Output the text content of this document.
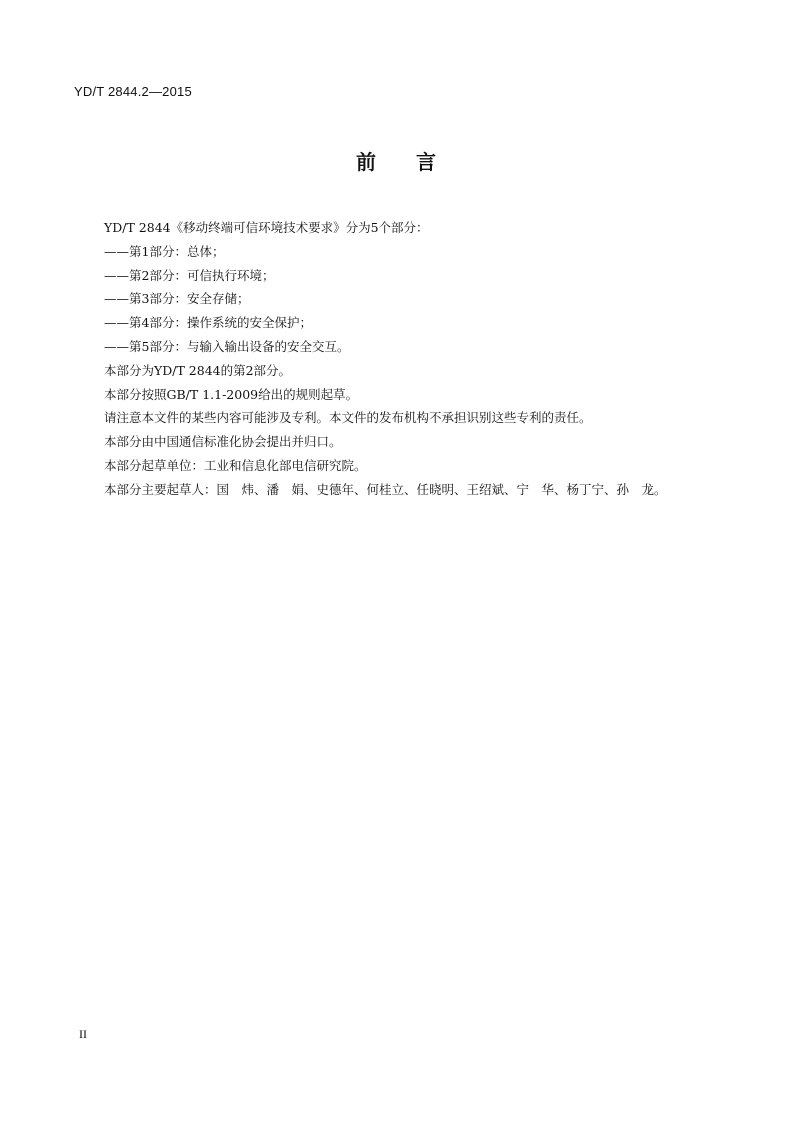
YD/T 2844.2—2015
前　　言
YD/T 2844《移动终端可信环境技术要求》分为5个部分：
——第1部分：总体；
——第2部分：可信执行环境；
——第3部分：安全存储；
——第4部分：操作系统的安全保护；
——第5部分：与输入输出设备的安全交互。
本部分为YD/T 2844的第2部分。
本部分按照GB/T 1.1-2009给出的规则起草。
请注意本文件的某些内容可能涉及专利。本文件的发布机构不承担识别这些专利的责任。
本部分由中国通信标准化协会提出并归口。
本部分起草单位：工业和信息化部电信研究院。
本部分主要起草人：国　炜、潘　娟、史德年、何桂立、任晓明、王绍斌、宁　华、杨丁宁、孙　龙。
II
